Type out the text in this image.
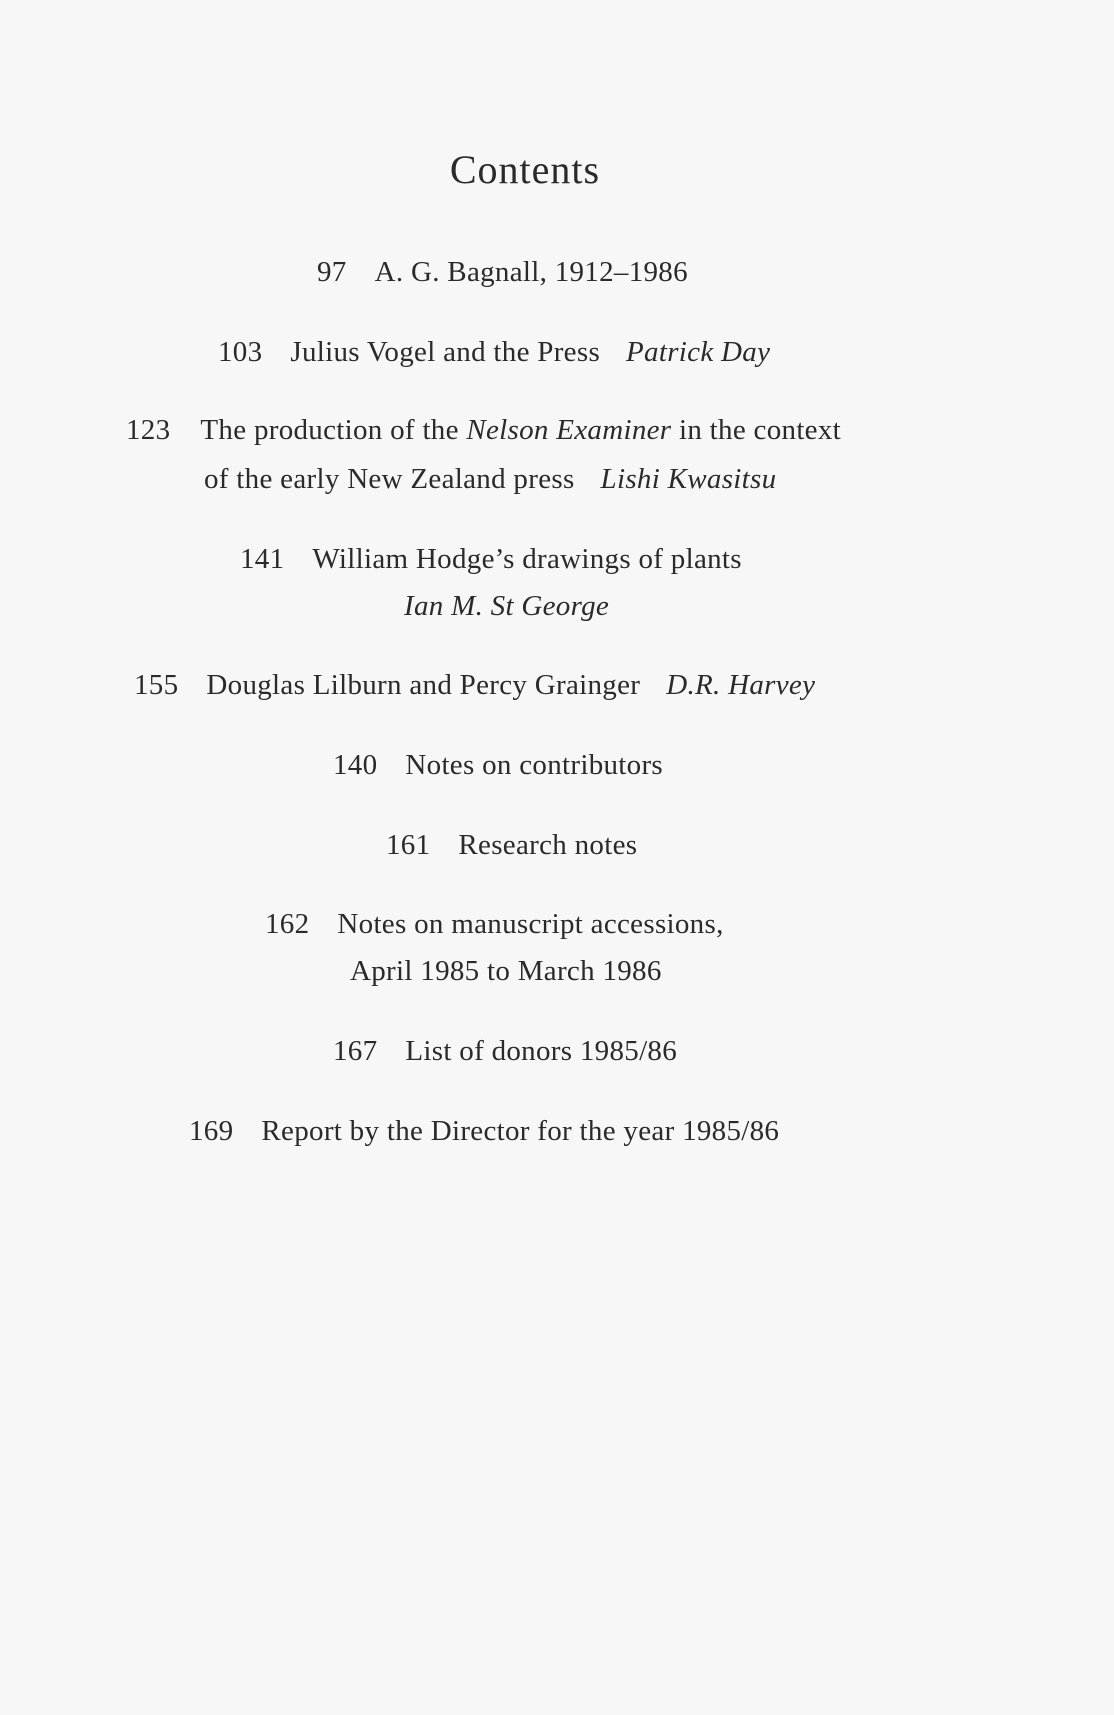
Contents
97 A. G. Bagnall, 1912–1986
103 Julius Vogel and the Press Patrick Day
123 The production of the Nelson Examiner in the context
of the early New Zealand press Lishi Kwasitsu
141 William Hodge’s drawings of plants
Ian M. St George
155 Douglas Lilburn and Percy Grainger D.R. Harvey
140 Notes on contributors
161 Research notes
162 Notes on manuscript accessions,
April 1985 to March 1986
167 List of donors 1985/86
169 Report by the Director for the year 1985/86
